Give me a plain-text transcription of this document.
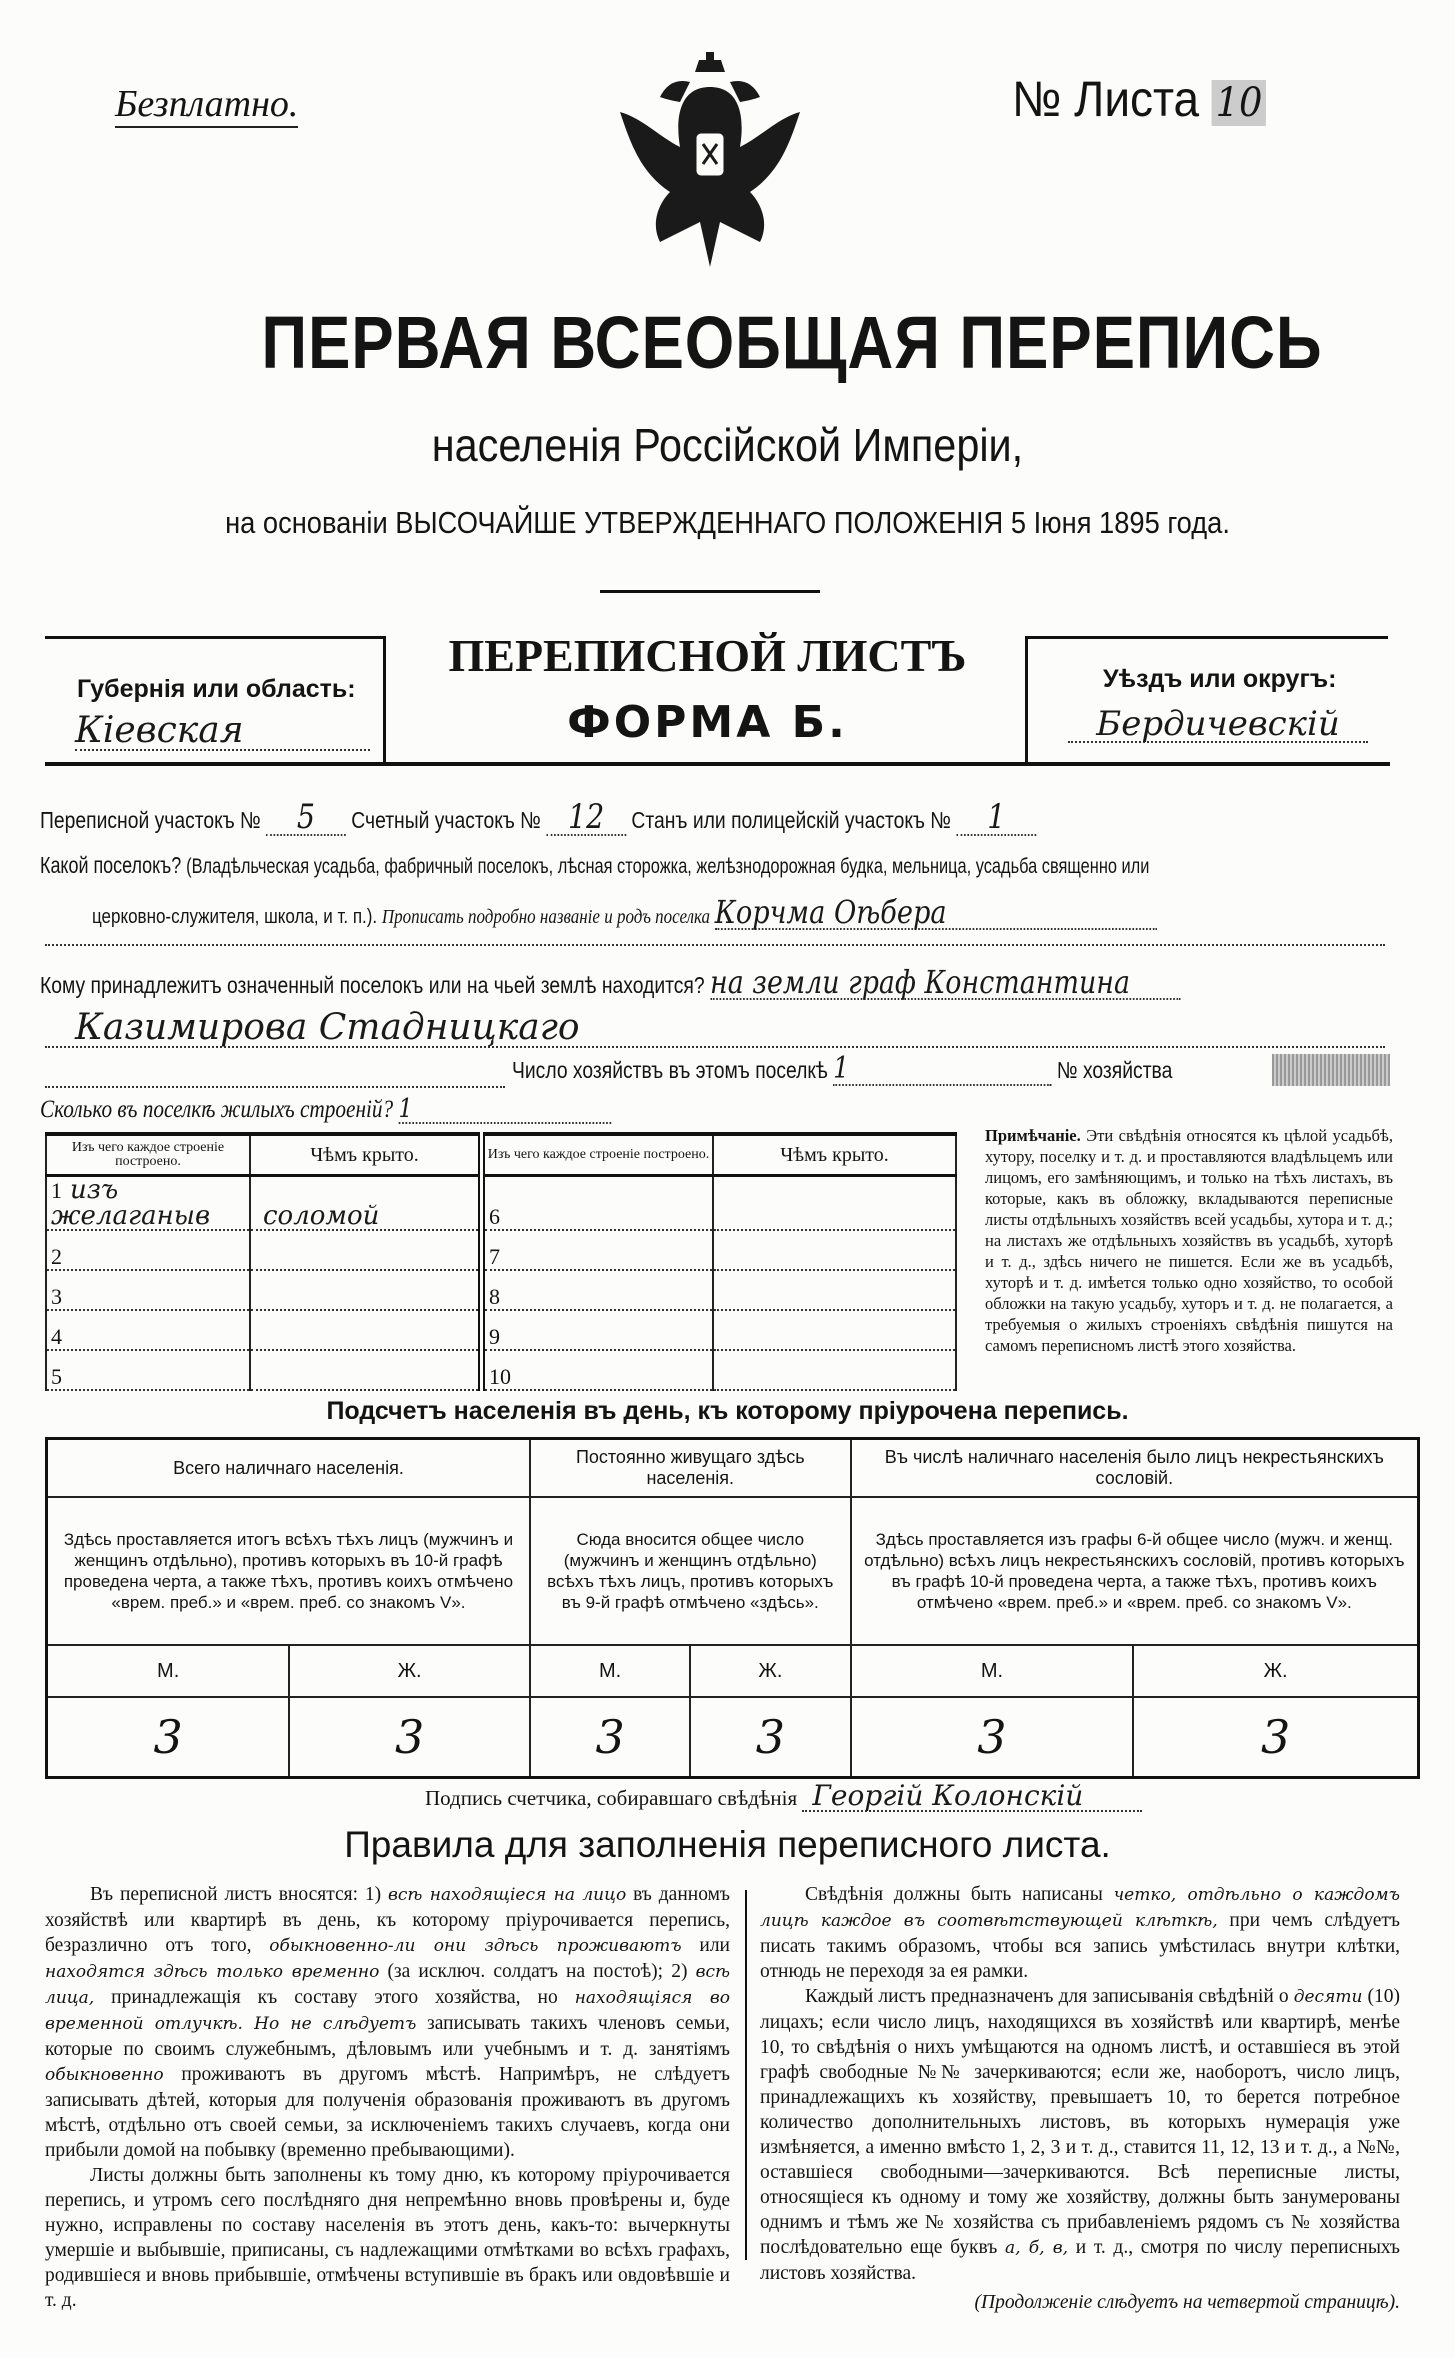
Безплатно.	№ Листа 10
ПЕРВАЯ ВСЕОБЩАЯ ПЕРЕПИСЬ
населенія Россійской Имперіи,
на основаніи ВЫСОЧАЙШЕ УТВЕРЖДЕННАГО ПОЛОЖЕНІЯ 5 Іюня 1895 года.
Губернія или область:
Кіевская
ПЕРЕПИСНОЙ ЛИСТЪ
ФОРМА Б.
Уѣздъ или округъ:
Бердичевскій
Переписной участокъ № 5 Счетный участокъ № 12 Станъ или полицейскій участокъ № 1
Какой поселокъ? (Владѣльческая усадьба, фабричный поселокъ, лѣсная сторожка, желѣзнодорожная будка, мельница, усадьба священно или
церковно-служителя, школа, и т. п.). Прописать подробно названіе и родъ поселка Корчма Оѣбера
Кому принадлежитъ означенный поселокъ или на чьей землѣ находится? на земли граф Константина
Казимирова Стадницкаго
Число хозяйствъ въ этомъ поселкѣ 1	№ хозяйства
Сколько въ поселкѣ жилыхъ строеній? 1
Изъ чего каждое строеніе построено.	Чѣмъ крыто.	Изъ чего каждое строеніе построено.	Чѣмъ крыто.
1 изъ желаганыв	соломой	6	
2		7	
3		8	
4		9	
5		10	
Примѣчаніе. Эти свѣдѣнія относятся къ цѣлой усадьбѣ, хутору, поселку и т. д. и проставляются владѣльцемъ или лицомъ, его замѣняющимъ, и только на тѣхъ листахъ, въ которые, какъ въ обложку, вкладываются переписные листы отдѣльныхъ хозяйствъ всей усадьбы, хутора и т. д.; на листахъ же отдѣльныхъ хозяйствъ въ усадьбѣ, хуторѣ и т. д., здѣсь ничего не пишется. Если же въ усадьбѣ, хуторѣ и т. д. имѣется только одно хозяйство, то особой обложки на такую усадьбу, хуторъ и т. д. не полагается, а требуемыя о жилыхъ строеніяхъ свѣдѣнія пишутся на самомъ переписномъ листѣ этого хозяйства.
Подсчетъ населенія въ день, къ которому пріурочена перепись.
Всего наличнаго населенія.		Постоянно живущаго здѣсь населенія.		Въ числѣ наличнаго населенія было лицъ некрестьянскихъ сословій.	
Здѣсь проставляется итогъ всѣхъ тѣхъ лицъ (мужчинъ и женщинъ отдѣльно), противъ которыхъ въ 10-й графѣ проведена черта, а также тѣхъ, противъ коихъ отмѣчено «врем. преб.» и «врем. преб. со знакомъ V».		Сюда вносится общее число (мужчинъ и женщинъ отдѣльно) всѣхъ тѣхъ лицъ, противъ которыхъ въ 9-й графѣ отмѣчено «здѣсь».		Здѣсь проставляется изъ графы 6-й общее число (мужч. и женщ. отдѣльно) всѣхъ лицъ некрестьянскихъ сословій, противъ которыхъ въ графѣ 10-й проведена черта, а также тѣхъ, противъ коихъ отмѣчено «врем. преб.» и «врем. преб. со знакомъ V».	
М.	Ж.	М.	Ж.	М.	Ж.
3	3	3	3	3	3
Подпись счетчика, собиравшаго свѣдѣнія Георгій Колонскій
Правила для заполненія переписного листа.

Въ переписной листъ вносятся: 1) всѣ находящіеся на лицо въ данномъ хозяйствѣ или квартирѣ въ день, къ которому пріурочивается перепись, безразлично отъ того, обыкновенно-ли они здѣсь проживаютъ или находятся здѣсь только временно (за исключ. солдатъ на постоѣ); 2) всѣ лица, принадлежащія къ составу этого хозяйства, но находящіяся во временной отлучкѣ. Но не слѣдуетъ записывать такихъ членовъ семьи, которые по своимъ служебнымъ, дѣловымъ или учебнымъ и т. д. занятіямъ обыкновенно проживаютъ въ другомъ мѣстѣ. Напримѣръ, не слѣдуетъ записывать дѣтей, которыя для полученія образованія проживаютъ въ другомъ мѣстѣ, отдѣльно отъ своей семьи, за исключеніемъ такихъ случаевъ, когда они прибыли домой на побывку (временно пребывающими).

Листы должны быть заполнены къ тому дню, къ которому пріурочивается перепись, и утромъ сего послѣдняго дня непремѣнно вновь провѣрены и, буде нужно, исправлены по составу населенія въ этотъ день, какъ-то: вычеркнуты умершіе и выбывшіе, приписаны, съ надлежащими отмѣтками во всѣхъ графахъ, родившіеся и вновь прибывшіе, отмѣчены вступившіе въ бракъ или овдовѣвшіе и т. д.

Свѣдѣнія должны быть написаны четко, отдѣльно о каждомъ лицѣ каждое въ соотвѣтствующей клѣткѣ, при чемъ слѣдуетъ писать такимъ образомъ, чтобы вся запись умѣстилась внутри клѣтки, отнюдь не переходя за ея рамки.

Каждый листъ предназначенъ для записыванія свѣдѣній о десяти (10) лицахъ; если число лицъ, находящихся въ хозяйствѣ или квартирѣ, менѣе 10, то свѣдѣнія о нихъ умѣщаются на одномъ листѣ, и оставшіеся въ этой графѣ свободные №№ зачеркиваются; если же, наоборотъ, число лицъ, принадлежащихъ къ хозяйству, превышаетъ 10, то берется потребное количество дополнительныхъ листовъ, въ которыхъ нумерація уже измѣняется, а именно вмѣсто 1, 2, 3 и т. д., ставится 11, 12, 13 и т. д., а №№, оставшіеся свободными—зачеркиваются. Всѣ переписные листы, относящіеся къ одному и тому же хозяйству, должны быть занумерованы однимъ и тѣмъ же № хозяйства съ прибавленіемъ рядомъ съ № хозяйства послѣдовательно еще буквъ а, б, в, и т. д., смотря по числу переписныхъ листовъ хозяйства.

(Продолженіе слѣдуетъ на четвертой страницѣ).
